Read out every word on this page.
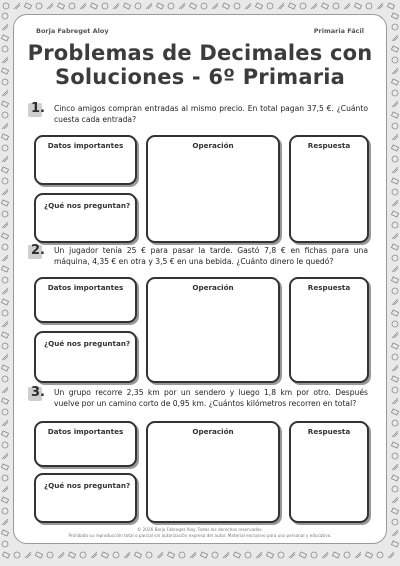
Borja Fabreget Aloy	Primaria Fácil
Problemas de Decimales con
Soluciones - 6º Primaria
1. Cinco amigos compran entradas al mismo precio. En total pagan 37,5 €. ¿Cuánto cuesta cada entrada?
Datos importantes	Operación	Respuesta
¿Qué nos preguntan?
2. Un jugador tenía 25 € para pasar la tarde. Gastó 7,8 € en fichas para una máquina, 4,35 € en otra y 3,5 € en una bebida. ¿Cuánto dinero le quedó?
Datos importantes	Operación	Respuesta
¿Qué nos preguntan?
3. Un grupo recorre 2,35 km por un sendero y luego 1,8 km por otro. Después vuelve por un camino corto de 0,95 km. ¿Cuántos kilómetros recorren en total?
Datos importantes	Operación	Respuesta
¿Qué nos preguntan?
© 2026 Borja Fabreget Aloy. Todos los derechos reservados.
Prohibida su reproducción total o parcial sin autorización expresa del autor. Material exclusivo para uso personal y educativo.
